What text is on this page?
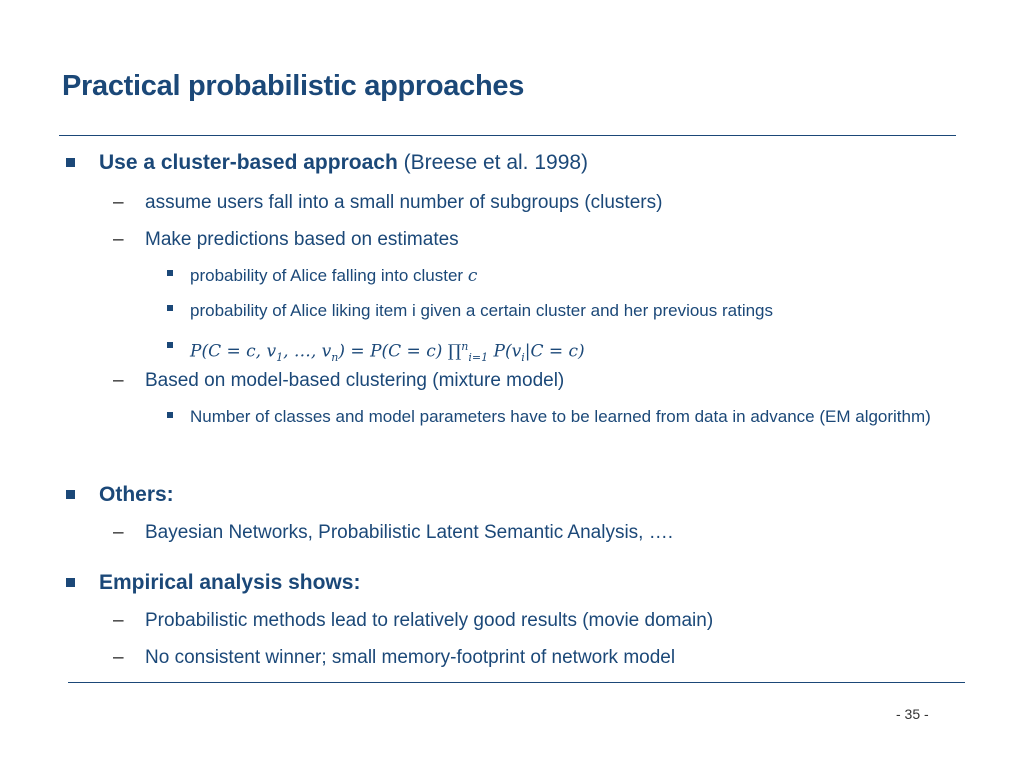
Practical probabilistic approaches
Use a cluster-based approach (Breese et al. 1998)
– assume users fall into a small number of subgroups (clusters)
– Make predictions based on estimates
probability of Alice falling into cluster c
probability of Alice liking item i given a certain cluster and her previous ratings
P(C = c, $v_1$, …, $v_n) = P(C = c)$ ∏$^n_{i=1}$ $P(v_i|C = c)$
– Based on model-based clustering (mixture model)
Number of classes and model parameters have to be learned from data in advance (EM algorithm)
Others:
– Bayesian Networks, Probabilistic Latent Semantic Analysis, ….
Empirical analysis shows:
– Probabilistic methods lead to relatively good results (movie domain)
– No consistent winner; small memory-footprint of network model
- 35 -
